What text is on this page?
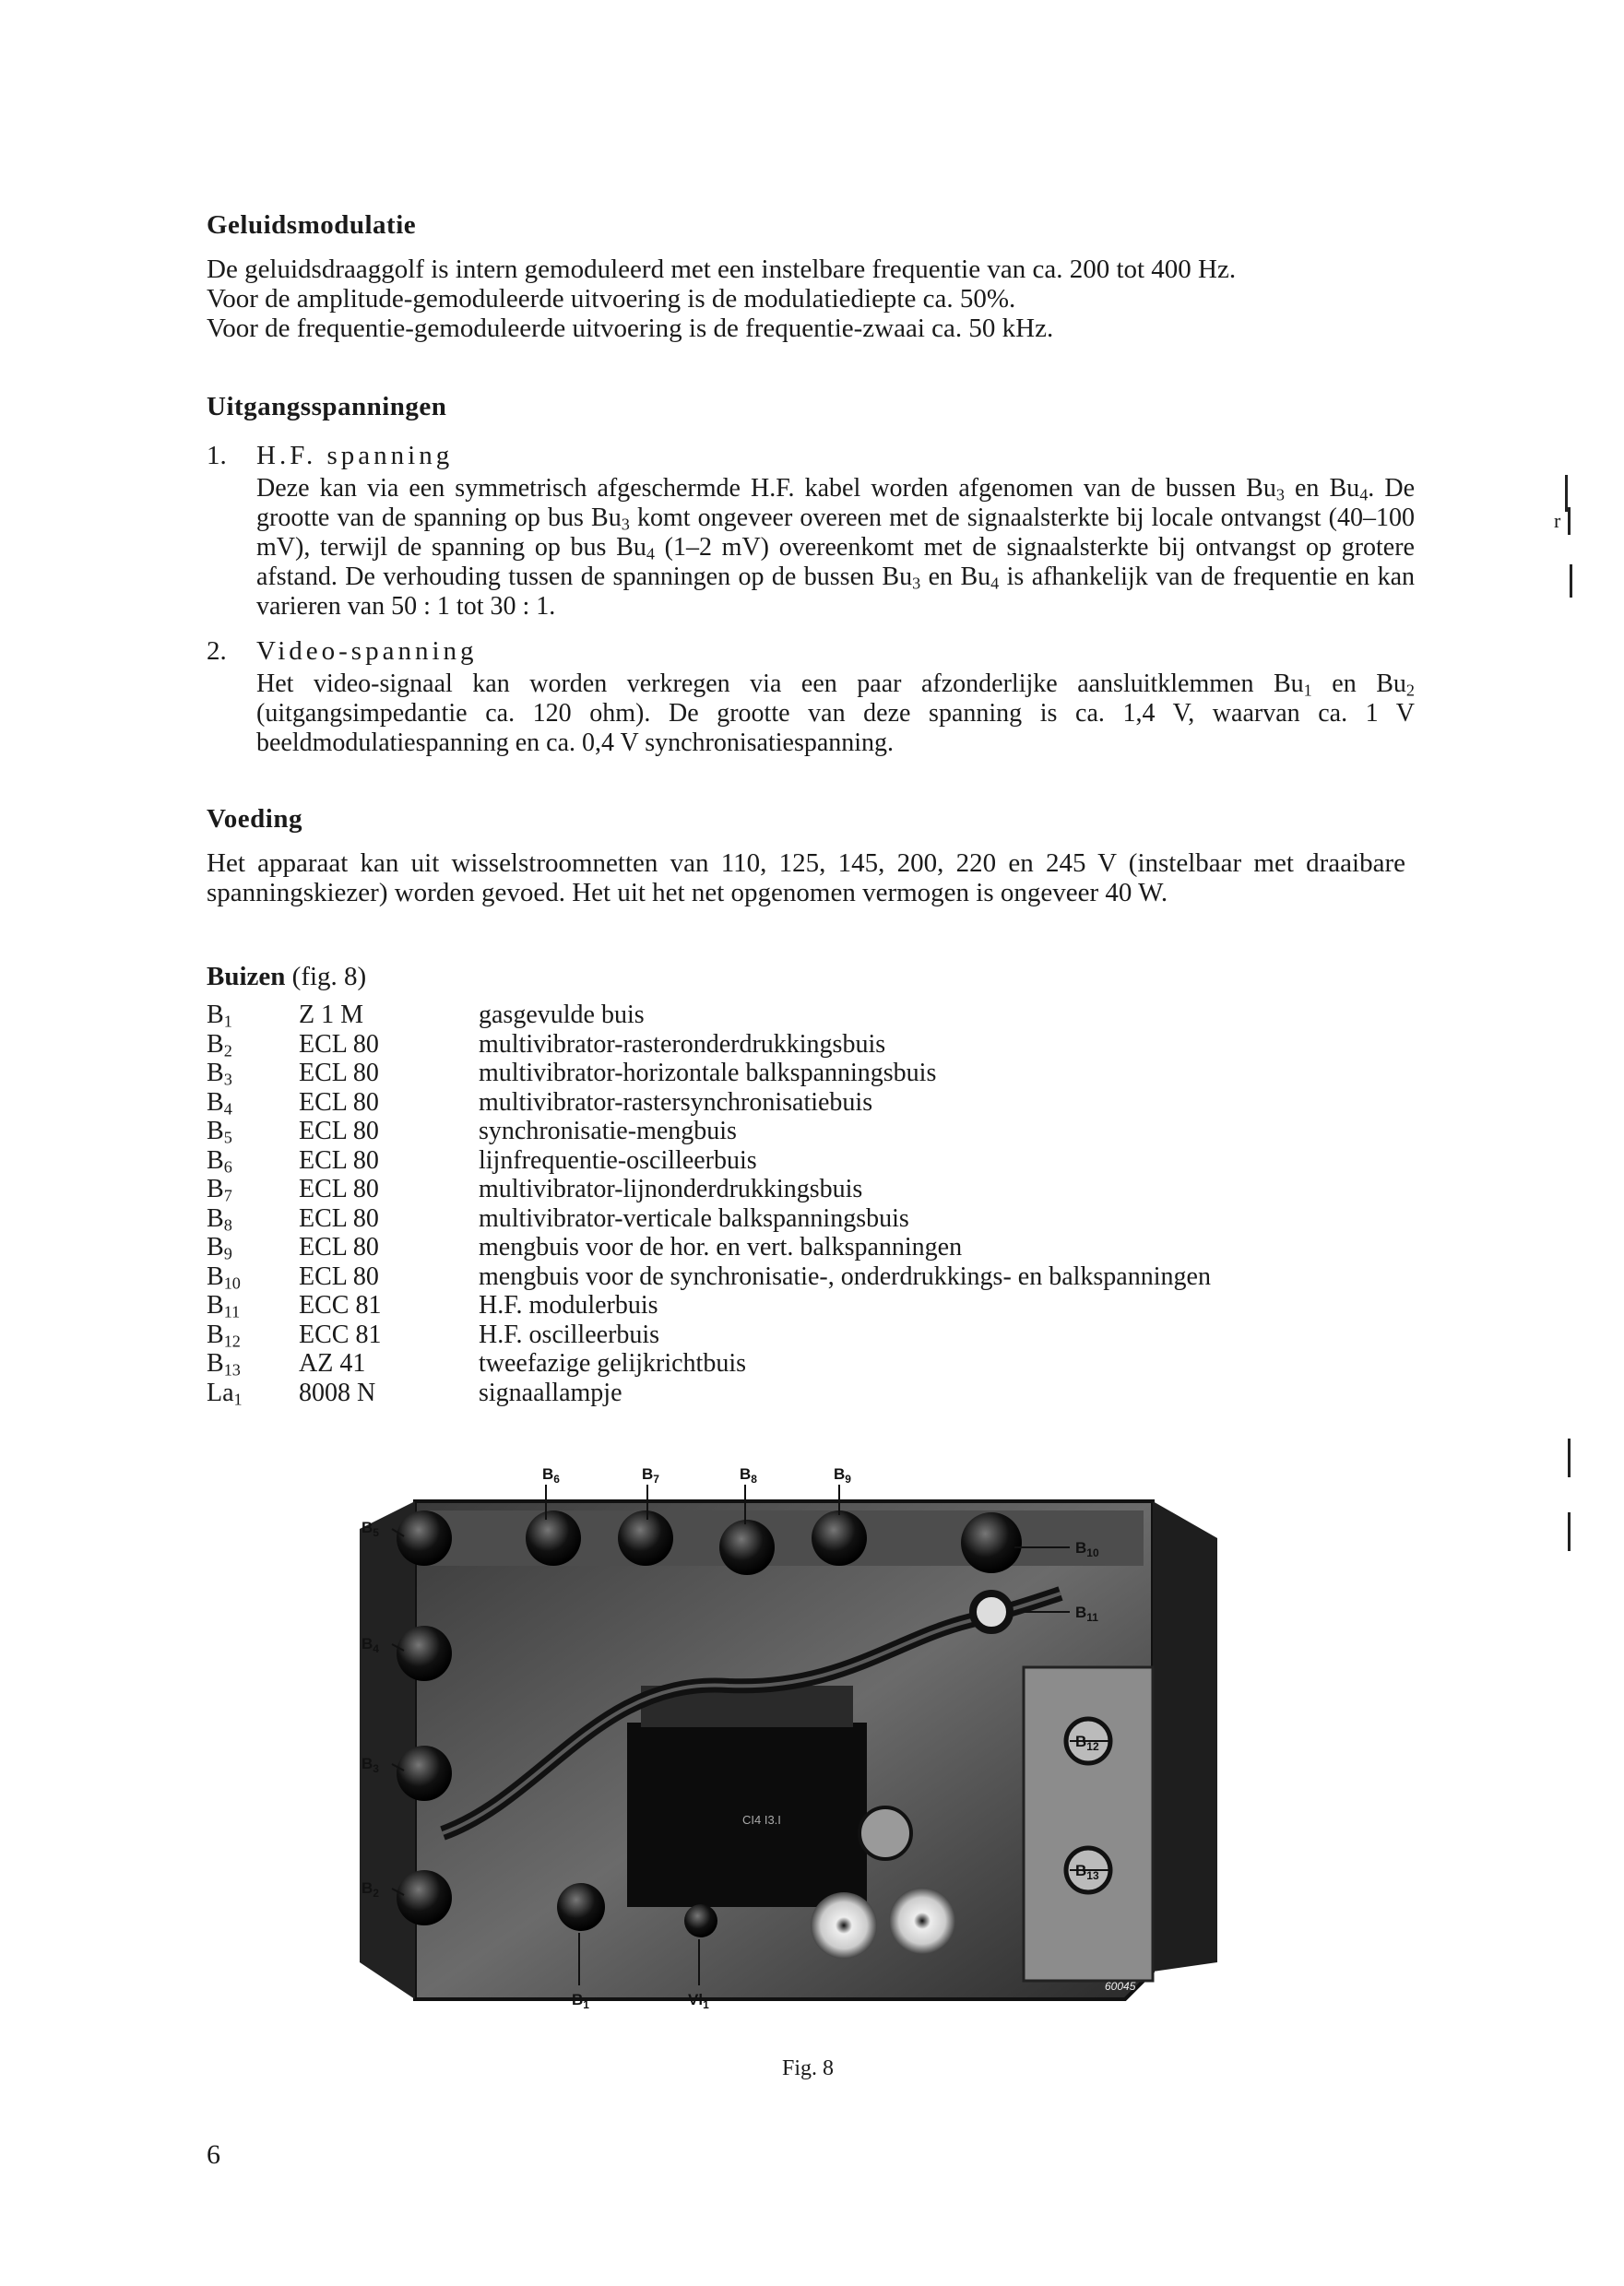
Geluidsmodulatie

De geluidsdraaggolf is intern gemoduleerd met een instelbare frequentie van ca. 200 tot 400 Hz.

Voor de amplitude-gemoduleerde uitvoering is de modulatiediepte ca. 50%.

Voor de frequentie-gemoduleerde uitvoering is de frequentie-zwaai ca. 50 kHz.

Uitgangsspanningen
1. H.F. spanning
Deze kan via een symmetrisch afgeschermde H.F. kabel worden afgenomen van de bussen $Bu_3$ en $Bu_4$. De grootte van de spanning op bus $Bu_3$ komt ongeveer overeen met de signaalsterkte bij locale ontvangst (40–100 mV), terwijl de spanning op bus $Bu_4$ (1–2 mV) overeenkomt met de signaalsterkte bij ontvangst op grotere afstand. De verhouding tussen de spanningen op de bussen $Bu_3$ en $Bu_4$ is afhankelijk van de frequentie en kan varieren van 50 : 1 tot 30 : 1.
2. Video-spanning
Het video-signaal kan worden verkregen via een paar afzonderlijke aansluitklemmen $Bu_1$ en $Bu_2$ (uitgangsimpedantie ca. 120 ohm). De grootte van deze spanning is ca. 1,4 V, waarvan ca. 1 V beeldmodulatiespanning en ca. 0,4 V synchronisatiespanning.
Voeding
Het apparaat kan uit wisselstroomnetten van 110, 125, 145, 200, 220 en 245 V (instelbaar met draaibare spanningskiezer) worden gevoed. Het uit het net opgenomen vermogen is ongeveer 40 W.
Buizen (fig. 8)
$B_1$	Z 1 M	gasgevulde buis
$B_2$	ECL 80	multivibrator-rasteronderdrukkingsbuis
$B_3$	ECL 80	multivibrator-horizontale balkspanningsbuis
$B_4$	ECL 80	multivibrator-rastersynchronisatiebuis
$B_5$	ECL 80	synchronisatie-mengbuis
$B_6$	ECL 80	lijnfrequentie-oscilleerbuis
$B_7$	ECL 80	multivibrator-lijnonderdrukkingsbuis
$B_8$	ECL 80	multivibrator-verticale balkspanningsbuis
$B_9$	ECL 80	mengbuis voor de hor. en vert. balkspanningen
$B_{10}$	ECL 80	mengbuis voor de synchronisatie-, onderdrukkings- en balkspanningen
$B_{11}$	ECC 81	H.F. modulerbuis
$B_{12}$	ECC 81	H.F. oscilleerbuis
$B_{13}$	AZ 41	tweefazige gelijkrichtbuis
$La_1$	8008 N	signaallampje
CI4 I3.I
60045
$B_6$	$B_7$	$B_8$	$B_9$
$B_5$
$B_{10}$
$B_4$
$B_{11}$
$B_3$
$B_{12}$
$B_2$
$B_{13}$
$B_1$	$Vl_1$
Fig. 8
6
r
